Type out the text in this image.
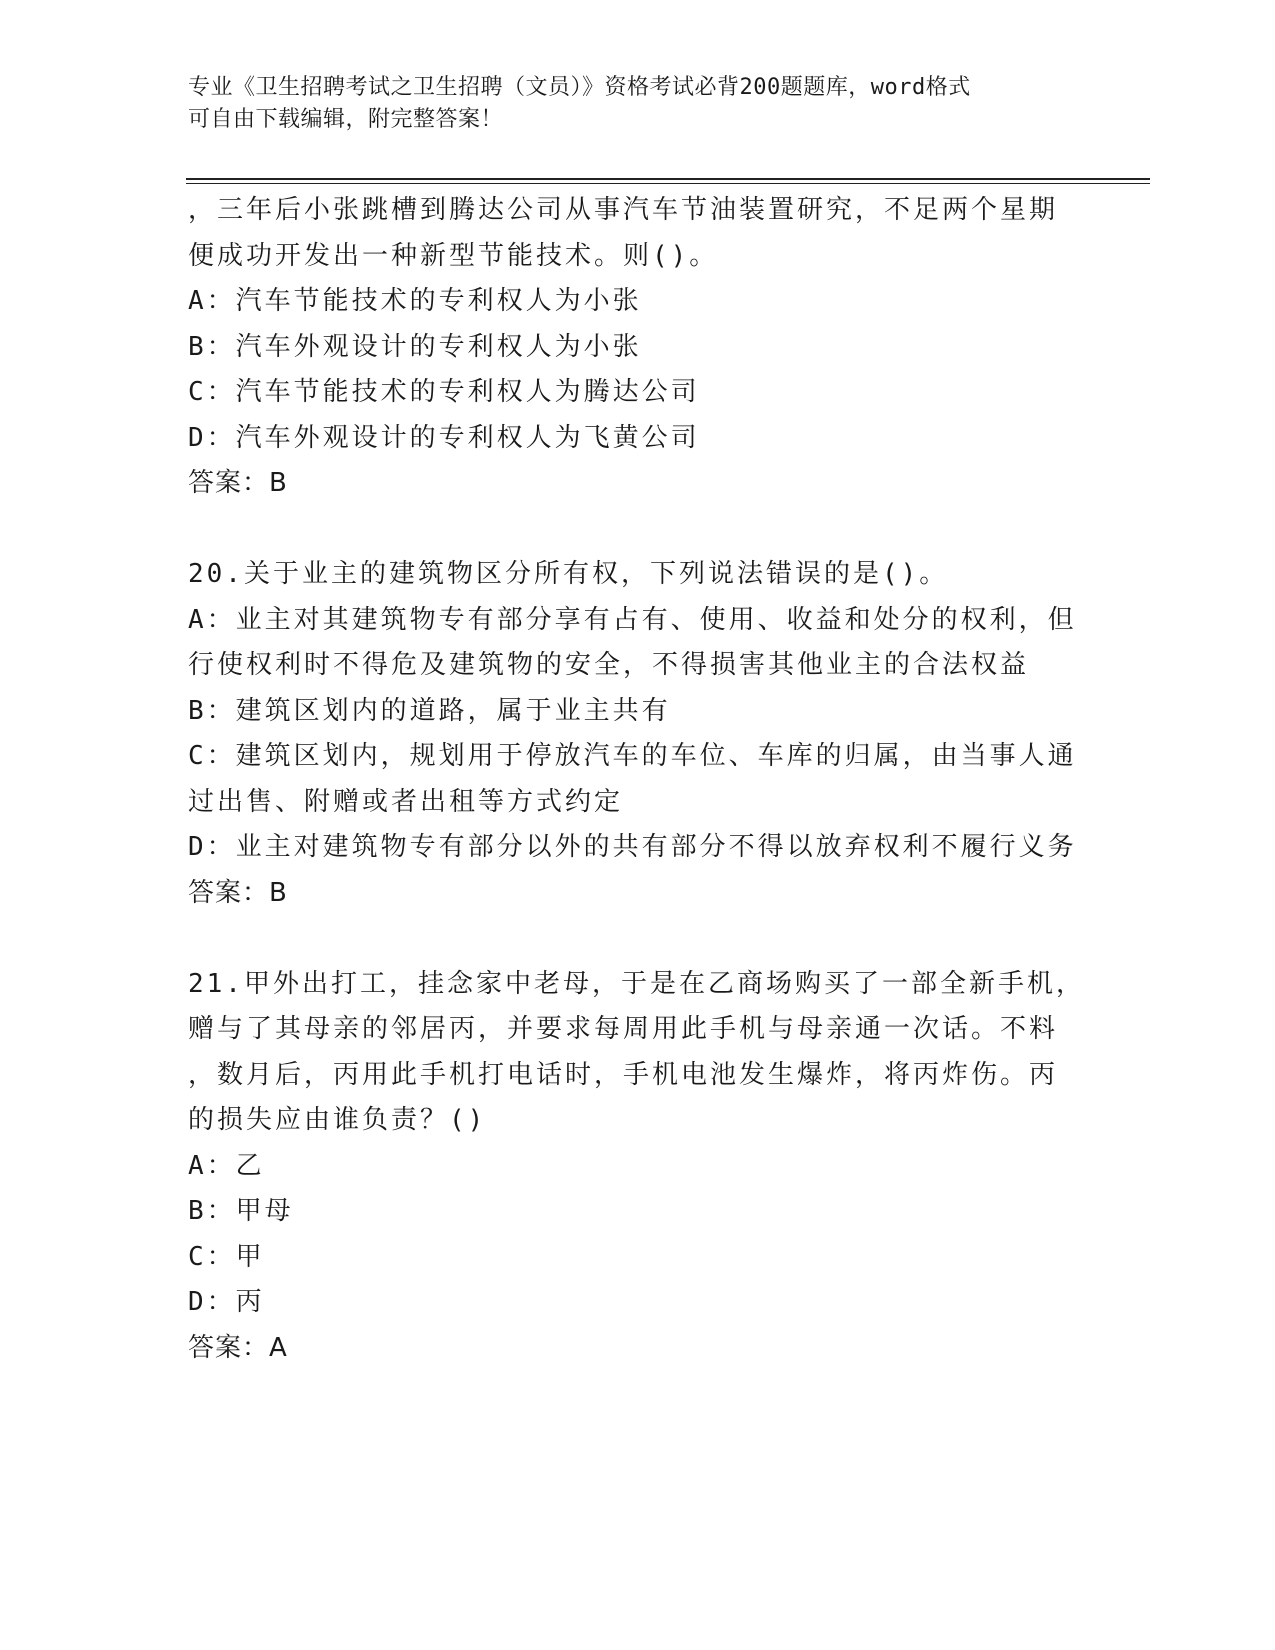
专业《卫生招聘考试之卫生招聘（文员）》资格考试必背200题题库，word格式
可自由下载编辑，附完整答案！

，三年后小张跳槽到腾达公司从事汽车节油装置研究，不足两个星期

便成功开发出一种新型节能技术。则()。

A：汽车节能技术的专利权人为小张

B：汽车外观设计的专利权人为小张

C：汽车节能技术的专利权人为腾达公司

D：汽车外观设计的专利权人为飞黄公司

答案：B

20.关于业主的建筑物区分所有权，下列说法错误的是()。

A：业主对其建筑物专有部分享有占有、使用、收益和处分的权利，但

行使权利时不得危及建筑物的安全，不得损害其他业主的合法权益

B：建筑区划内的道路，属于业主共有

C：建筑区划内，规划用于停放汽车的车位、车库的归属，由当事人通

过出售、附赠或者出租等方式约定

D：业主对建筑物专有部分以外的共有部分不得以放弃权利不履行义务

答案：B

21.甲外出打工，挂念家中老母，于是在乙商场购买了一部全新手机，

赠与了其母亲的邻居丙，并要求每周用此手机与母亲通一次话。不料

，数月后，丙用此手机打电话时，手机电池发生爆炸，将丙炸伤。丙

的损失应由谁负责？()

A：乙

B：甲母

C：甲

D：丙

答案：A
